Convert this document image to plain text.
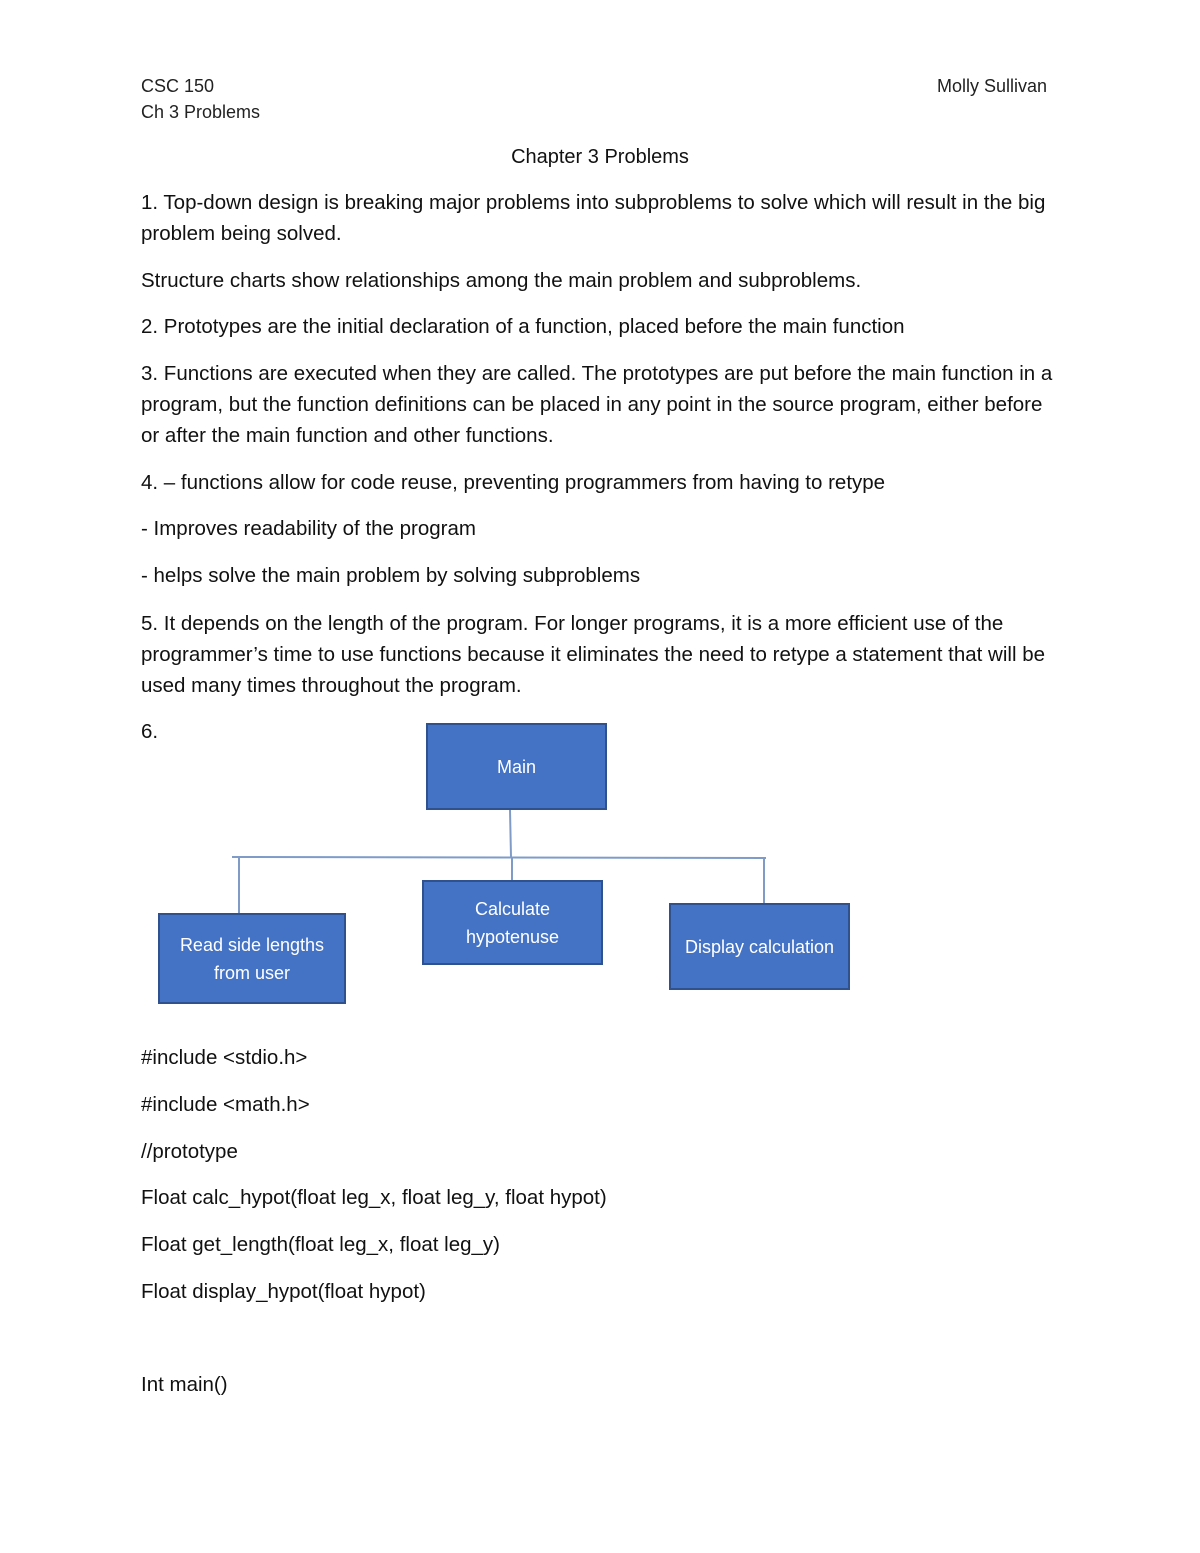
CSC 150
Ch 3 Problems
Molly Sullivan
Chapter 3 Problems
1. Top-down design is breaking major problems into subproblems to solve which will result in the big problem being solved.
Structure charts show relationships among the main problem and subproblems.
2. Prototypes are the initial declaration of a function, placed before the main function
3. Functions are executed when they are called. The prototypes are put before the main function in a program, but the function definitions can be placed in any point in the source program, either before or after the main function and other functions.
4. – functions allow for code reuse, preventing programmers from having to retype
- Improves readability of the program
- helps solve the main problem by solving subproblems
5. It depends on the length of the program. For longer programs, it is a more efficient use of the programmer’s time to use functions because it eliminates the need to retype a statement that will be used many times throughout the program.
6.
Main
Read side lengths from user
Calculate hypotenuse	Display calculation
#include <stdio.h>
#include <math.h>
//prototype
Float calc_hypot(float leg_x, float leg_y, float hypot)
Float get_length(float leg_x, float leg_y)
Float display_hypot(float hypot)
Int main()
